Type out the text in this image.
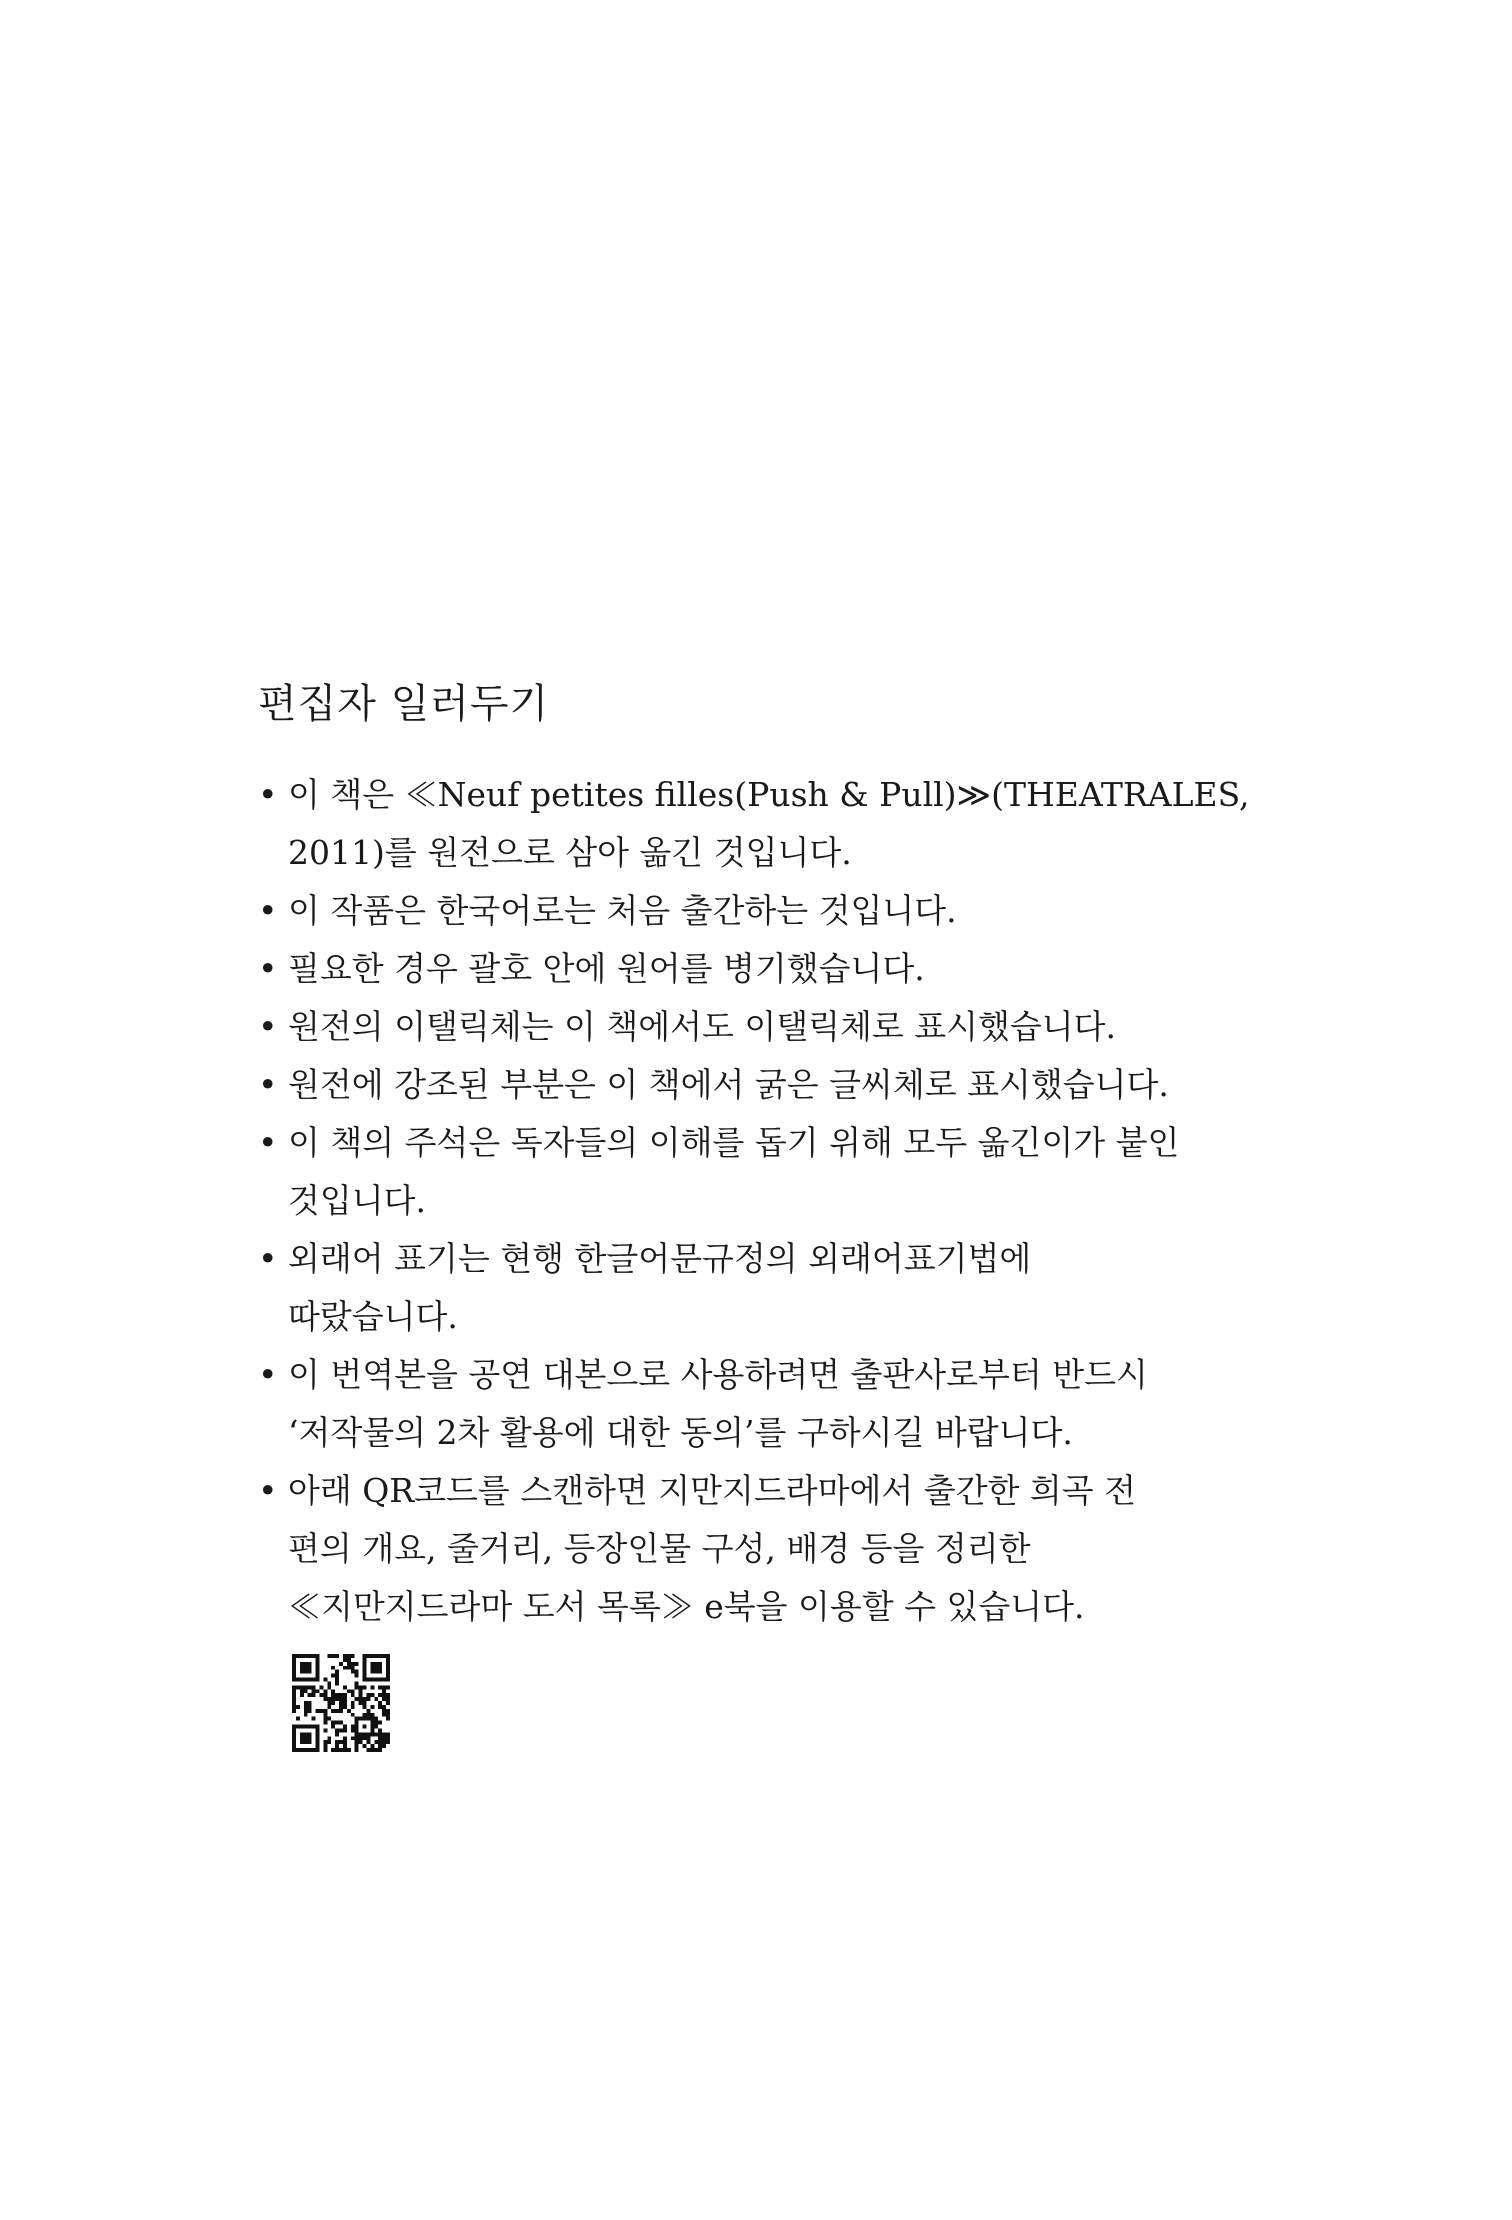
편집자 일러두기
• 이 책은 ≪Neuf petites filles(Push & Pull)≫(THEATRALES,
2011)를 원전으로 삼아 옮긴 것입니다.
• 이 작품은 한국어로는 처음 출간하는 것입니다.
• 필요한 경우 괄호 안에 원어를 병기했습니다.
• 원전의 이탤릭체는 이 책에서도 이탤릭체로 표시했습니다.
• 원전에 강조된 부분은 이 책에서 굵은 글씨체로 표시했습니다.
• 이 책의 주석은 독자들의 이해를 돕기 위해 모두 옮긴이가 붙인
것입니다.
• 외래어 표기는 현행 한글어문규정의 외래어표기법에
따랐습니다.
• 이 번역본을 공연 대본으로 사용하려면 출판사로부터 반드시
‘저작물의 2차 활용에 대한 동의’를 구하시길 바랍니다.
• 아래 QR코드를 스캔하면 지만지드라마에서 출간한 희곡 전
편의 개요, 줄거리, 등장인물 구성, 배경 등을 정리한
≪지만지드라마 도서 목록≫ e북을 이용할 수 있습니다.
